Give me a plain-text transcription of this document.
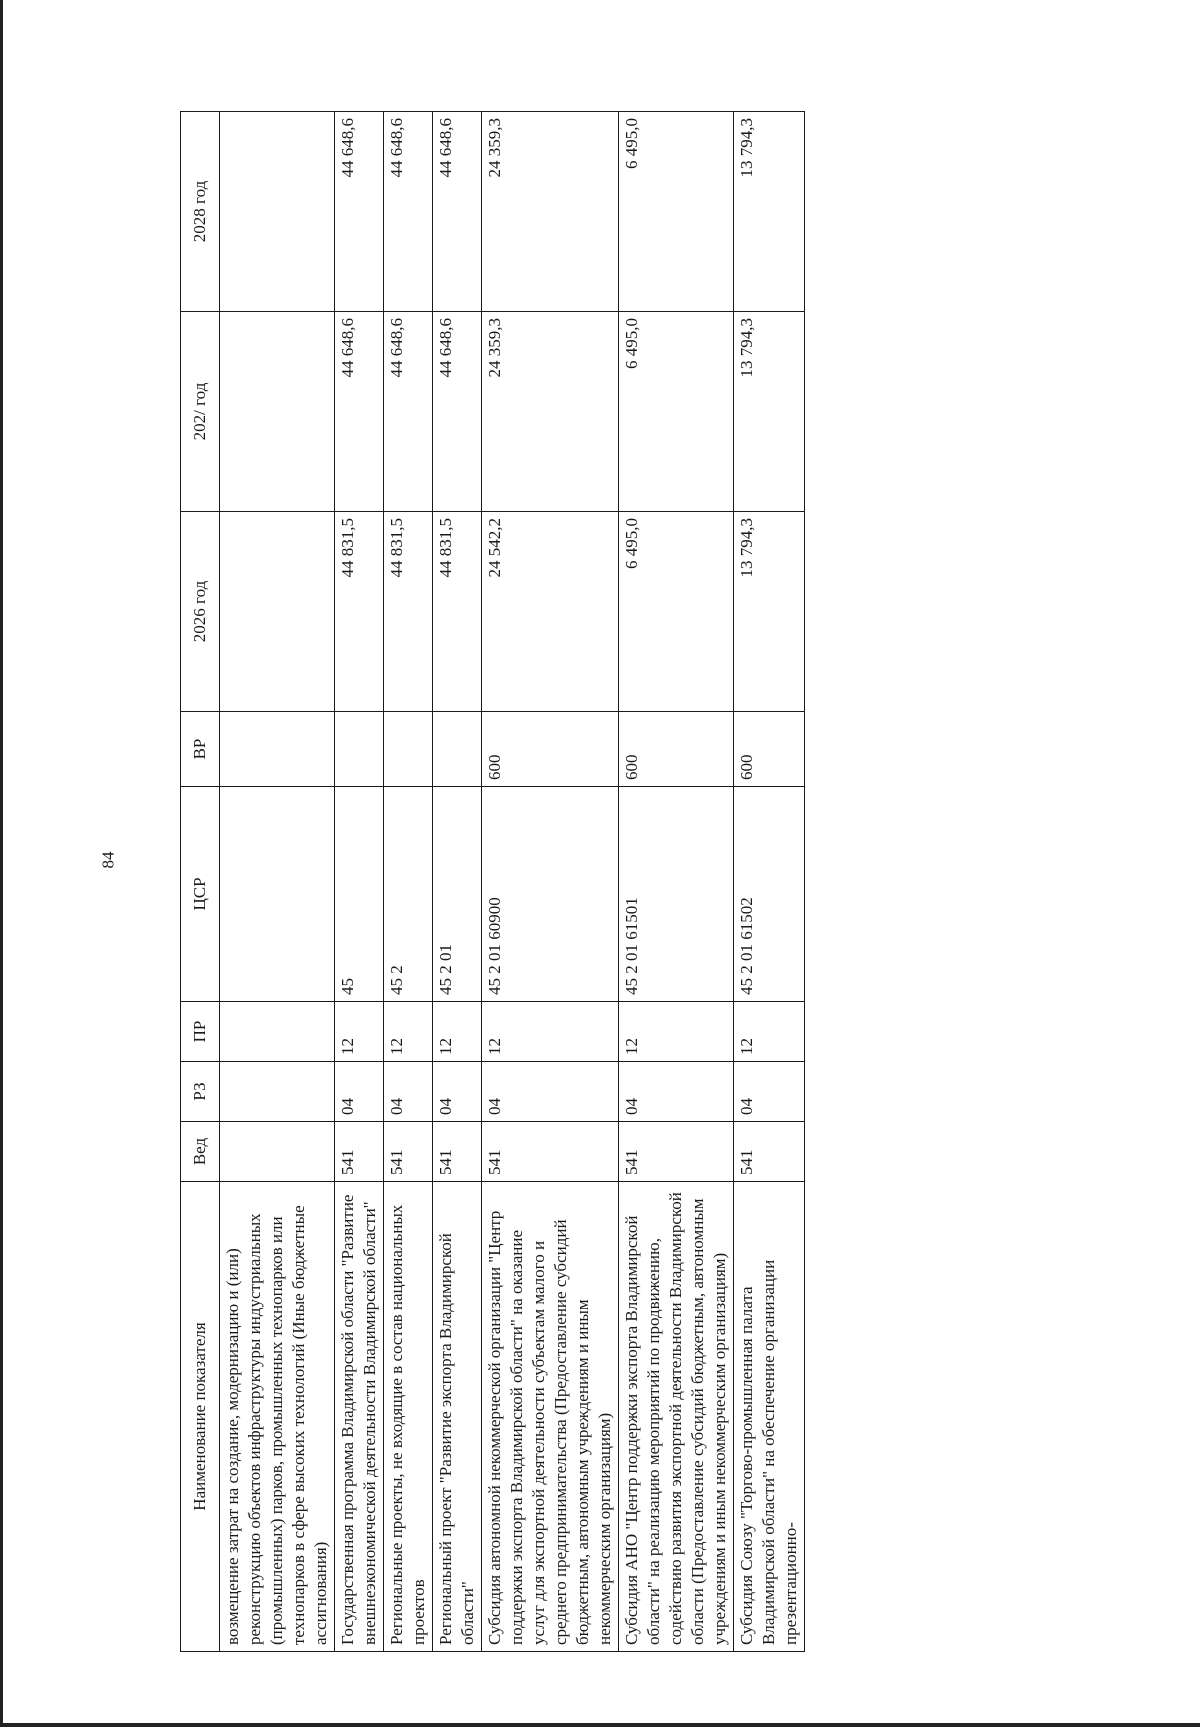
84
Наименование показателя	Вед	РЗ	ПР	ЦСР	ВР	2026 год	202/ год	2028 год
возмещение затрат на создание, модернизацию и (или) реконструкцию объектов инфраструктуры индустриальных (промышленных) парков, промышленных технопарков или технопарков в сфере высоких технологий (Иные бюджетные ассигнования)								
Государственная программа Владимирской области "Развитие внешнеэкономической деятельности Владимирской области"	541	04	12	45		44 831,5	44 648,6	44 648,6
Региональные проекты, не входящие в состав национальных проектов	541	04	12	45 2		44 831,5	44 648,6	44 648,6
Региональный проект "Развитие экспорта Владимирской области"	541	04	12	45 2 01		44 831,5	44 648,6	44 648,6
Субсидия автономной некоммерческой организации "Центр поддержки экспорта Владимирской области" на оказание услуг для экспортной деятельности субъектам малого и среднего предпринимательства (Предоставление субсидий бюджетным, автономным учреждениям и иным некоммерческим организациям)	541	04	12	45 2 01 60900	600	24 542,2	24 359,3	24 359,3
Субсидия АНО "Центр поддержки экспорта Владимирской области" на реализацию мероприятий по продвижению, содействию развития экспортной деятельности Владимирской области (Предоставление субсидий бюджетным, автономным учреждениям и иным некоммерческим организациям)	541	04	12	45 2 01 61501	600	6 495,0	6 495,0	6 495,0
Субсидия Союзу "Торгово-промышленная палата Владимирской области" на обеспечение организации презентационно-	541	04	12	45 2 01 61502	600	13 794,3	13 794,3	13 794,3
